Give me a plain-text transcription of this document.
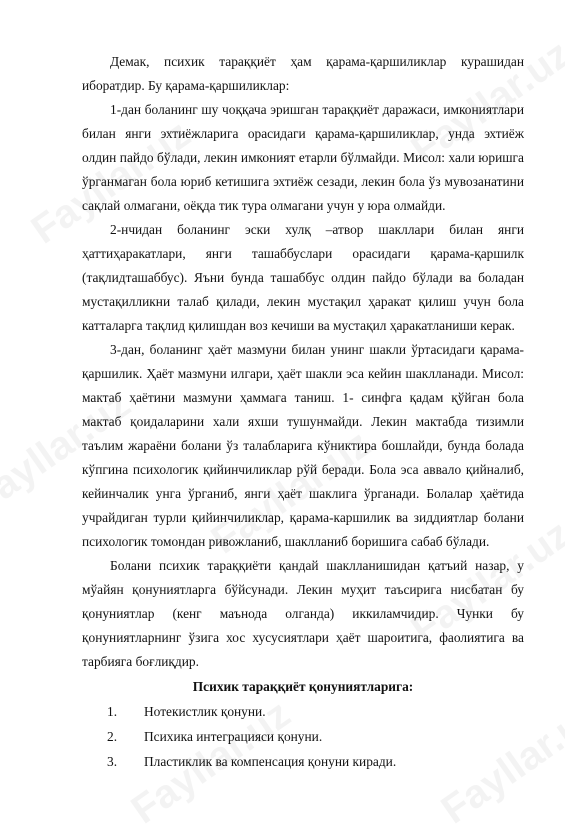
Демак, психик тараққиёт ҳам қарама-қаршиликлар курашидан иборатдир. Бу қарама-қаршиликлар:

1-дан боланинг шу чоққача эришган тараққиёт даражаси, имкониятлари билан янги эхтиёжларига орасидаги қарама-қаршиликлар, унда эхтиёж олдин пайдо бўлади, лекин имконият етарли бўлмайди. Мисол: хали юришга ўрганмаган бола юриб кетишига эхтиёж сезади, лекин бола ўз мувозанатини сақлай олмагани, оёқда тик тура олмагани учун у юра олмайди.

2-нчидан боланинг эски хулқ –атвор шакллари билан янги ҳаттиҳаракатлари, янги ташаббуслари орасидаги қарама-қаршилк (тақлидташаббус). Яъни бунда ташаббус олдин пайдо бўлади ва боладан мустақилликни талаб қилади, лекин мустақил ҳаракат қилиш учун бола катталарга тақлид қилишдан воз кечиши ва мустақил ҳаракатланиши керак.

3-дан, боланинг ҳаёт мазмуни билан унинг шакли ўртасидаги қарама-қаршилик. Ҳаёт мазмуни илгари, ҳаёт шакли эса кейин шаклланади. Мисол: мактаб ҳаётини мазмуни ҳаммага таниш. 1- синфга қадам қўйган бола мактаб қоидаларини хали яхши тушунмайди. Лекин мактабда тизимли таълим жараёни болани ўз талабларига кўниктира бошлайди, бунда болада кўпгина психологик қийинчиликлар рўй беради. Бола эса аввало қийналиб, кейинчалик унга ўрганиб, янги ҳаёт шаклига ўрганади. Болалар ҳаётида учрайдиган турли қийинчиликлар, қарама-каршилик ва зиддиятлар болани психологик томондан ривожланиб, шаклланиб боришига сабаб бўлади.

Болани психик тараққиёти қандай шаклланишидан қатъий назар, у мўайян қонуниятларга бўйсунади. Лекин муҳит таъсирига нисбатан бу қонуниятлар (кенг маънода олганда) иккиламчидир. Чунки бу қонуниятларнинг ўзига хос хусусиятлари ҳаёт шароитига, фаолиятига ва тарбияга боғлиқдир.

Психик тараққиёт қонуниятларига:
1.	Нотекистлик қонуни.
2.	Психика интеграцияси қонуни.
3.	Пластиклик ва компенсация қонуни киради.
